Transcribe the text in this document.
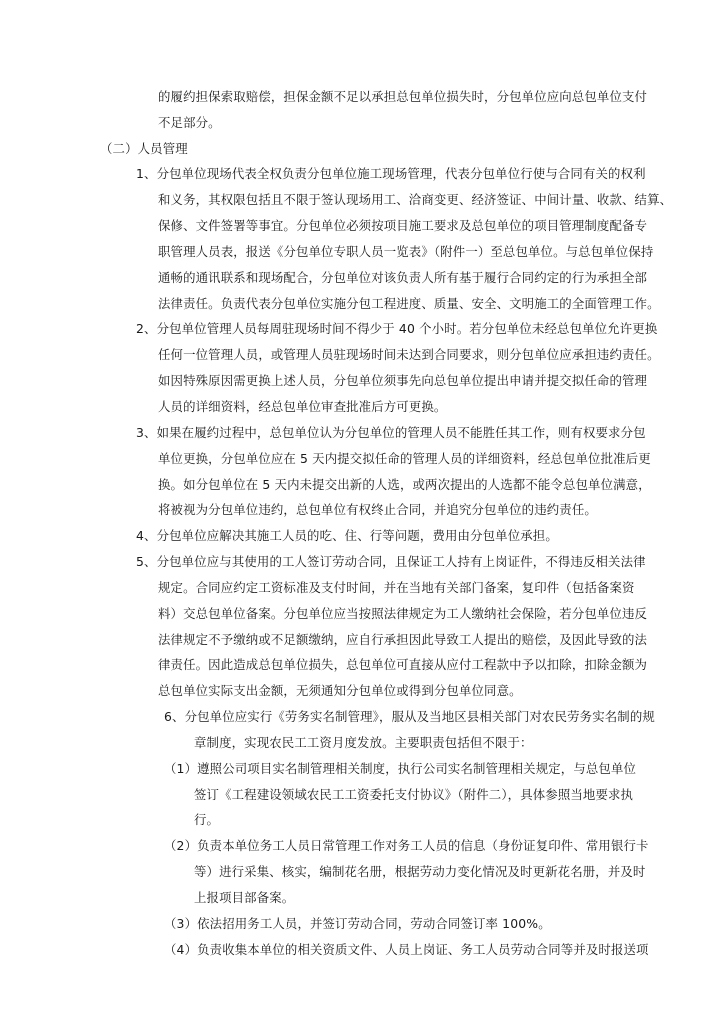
的履约担保索取赔偿，担保金额不足以承担总包单位损失时，分包单位应向总包单位支付
不足部分。
（二）人员管理
1、分包单位现场代表全权负责分包单位施工现场管理，代表分包单位行使与合同有关的权利
和义务，其权限包括且不限于签认现场用工、洽商变更、经济签证、中间计量、收款、结算、
保修、文件签署等事宜。分包单位必须按项目施工要求及总包单位的项目管理制度配备专
职管理人员表，报送《分包单位专职人员一览表》（附件一）至总包单位。与总包单位保持
通畅的通讯联系和现场配合，分包单位对该负责人所有基于履行合同约定的行为承担全部
法律责任。负责代表分包单位实施分包工程进度、质量、安全、文明施工的全面管理工作。
2、分包单位管理人员每周驻现场时间不得少于 40 个小时。若分包单位未经总包单位允许更换
任何一位管理人员，或管理人员驻现场时间未达到合同要求，则分包单位应承担违约责任。
如因特殊原因需更换上述人员，分包单位须事先向总包单位提出申请并提交拟任命的管理
人员的详细资料，经总包单位审查批准后方可更换。
3、如果在履约过程中，总包单位认为分包单位的管理人员不能胜任其工作，则有权要求分包
单位更换，分包单位应在 5 天内提交拟任命的管理人员的详细资料，经总包单位批准后更
换。如分包单位在 5 天内未提交出新的人选，或两次提出的人选都不能令总包单位满意，
将被视为分包单位违约，总包单位有权终止合同，并追究分包单位的违约责任。
4、分包单位应解决其施工人员的吃、住、行等问题，费用由分包单位承担。
5、分包单位应与其使用的工人签订劳动合同，且保证工人持有上岗证件，不得违反相关法律
规定。合同应约定工资标准及支付时间，并在当地有关部门备案，复印件（包括备案资
料）交总包单位备案。分包单位应当按照法律规定为工人缴纳社会保险，若分包单位违反
法律规定不予缴纳或不足额缴纳，应自行承担因此导致工人提出的赔偿，及因此导致的法
律责任。因此造成总包单位损失，总包单位可直接从应付工程款中予以扣除，扣除金额为
总包单位实际支出金额，无须通知分包单位或得到分包单位同意。
6、分包单位应实行《劳务实名制管理》，服从及当地区县相关部门对农民劳务实名制的规
章制度，实现农民工工资月度发放。主要职责包括但不限于：
（1）遵照公司项目实名制管理相关制度，执行公司实名制管理相关规定，与总包单位
签订《工程建设领域农民工工资委托支付协议》（附件二），具体参照当地要求执
行。
（2）负责本单位务工人员日常管理工作对务工人员的信息（身份证复印件、常用银行卡
等）进行采集、核实，编制花名册，根据劳动力变化情况及时更新花名册，并及时
上报项目部备案。
（3）依法招用务工人员，并签订劳动合同，劳动合同签订率 100%。
（4）负责收集本单位的相关资质文件、人员上岗证、务工人员劳动合同等并及时报送项
